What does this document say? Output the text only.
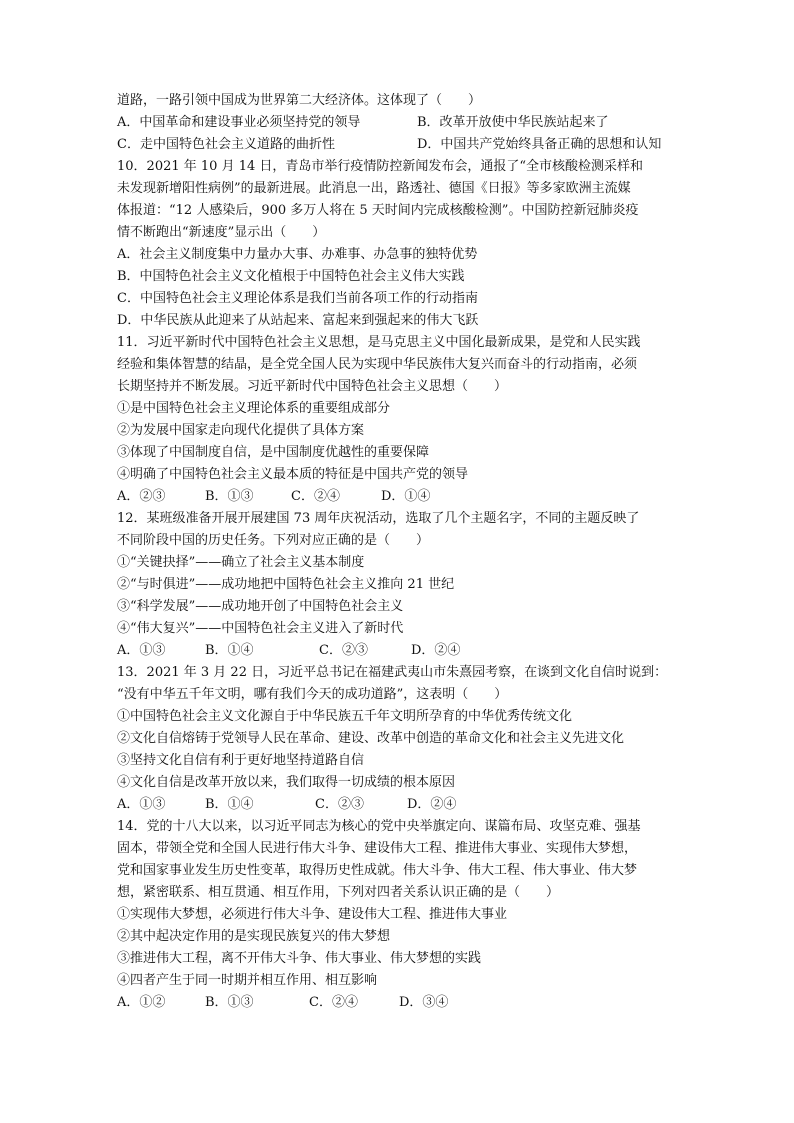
道路，一路引领中国成为世界第二大经济体。这体现了（　　）
A．中国革命和建设事业必须坚持党的领导	B．改革开放使中华民族站起来了
C．走中国特色社会主义道路的曲折性	D．中国共产党始终具备正确的思想和认知
10．2021 年 10 月 14 日，青岛市举行疫情防控新闻发布会，通报了“全市核酸检测采样和
未发现新增阳性病例”的最新进展。此消息一出，路透社、德国《日报》等多家欧洲主流媒
体报道：“12 人感染后，900 多万人将在 5 天时间内完成核酸检测”。中国防控新冠肺炎疫
情不断跑出“新速度”显示出（　　）
A．社会主义制度集中力量办大事、办难事、办急事的独特优势
B．中国特色社会主义文化植根于中国特色社会主义伟大实践
C．中国特色社会主义理论体系是我们当前各项工作的行动指南
D．中华民族从此迎来了从站起来、富起来到强起来的伟大飞跃
11．习近平新时代中国特色社会主义思想，是马克思主义中国化最新成果，是党和人民实践
经验和集体智慧的结晶，是全党全国人民为实现中华民族伟大复兴而奋斗的行动指南，必须
长期坚持并不断发展。习近平新时代中国特色社会主义思想（　　）
①是中国特色社会主义理论体系的重要组成部分
②为发展中国家走向现代化提供了具体方案
③体现了中国制度自信，是中国制度优越性的重要保障
④明确了中国特色社会主义最本质的特征是中国共产党的领导
A．②③	B．①③	C．②④	D．①④
12．某班级准备开展开展建国 73 周年庆祝活动，选取了几个主题名字，不同的主题反映了
不同阶段中国的历史任务。下列对应正确的是（　　）
①“关键抉择”——确立了社会主义基本制度
②“与时俱进”——成功地把中国特色社会主义推向 21 世纪
③“科学发展”——成功地开创了中国特色社会主义
④“伟大复兴”——中国特色社会主义进入了新时代
A．①③	B．①④	C．②③	D．②④
13．2021 年 3 月 22 日，习近平总书记在福建武夷山市朱熹园考察，在谈到文化自信时说到：
“没有中华五千年文明，哪有我们今天的成功道路”，这表明（　　）
①中国特色社会主义文化源自于中华民族五千年文明所孕育的中华优秀传统文化
②文化自信熔铸于党领导人民在革命、建设、改革中创造的革命文化和社会主义先进文化
③坚持文化自信有利于更好地坚持道路自信
④文化自信是改革开放以来，我们取得一切成绩的根本原因
A．①③	B．①④	C．②③	D．②④
14．党的十八大以来，以习近平同志为核心的党中央举旗定向、谋篇布局、攻坚克难、强基
固本，带领全党和全国人民进行伟大斗争、建设伟大工程、推进伟大事业、实现伟大梦想，
党和国家事业发生历史性变革，取得历史性成就。伟大斗争、伟大工程、伟大事业、伟大梦
想，紧密联系、相互贯通、相互作用，下列对四者关系认识正确的是（　　）
①实现伟大梦想，必须进行伟大斗争、建设伟大工程、推进伟大事业
②其中起决定作用的是实现民族复兴的伟大梦想
③推进伟大工程，离不开伟大斗争、伟大事业、伟大梦想的实践
④四者产生于同一时期并相互作用、相互影响
A．①②	B．①③	C．②④	D．③④
